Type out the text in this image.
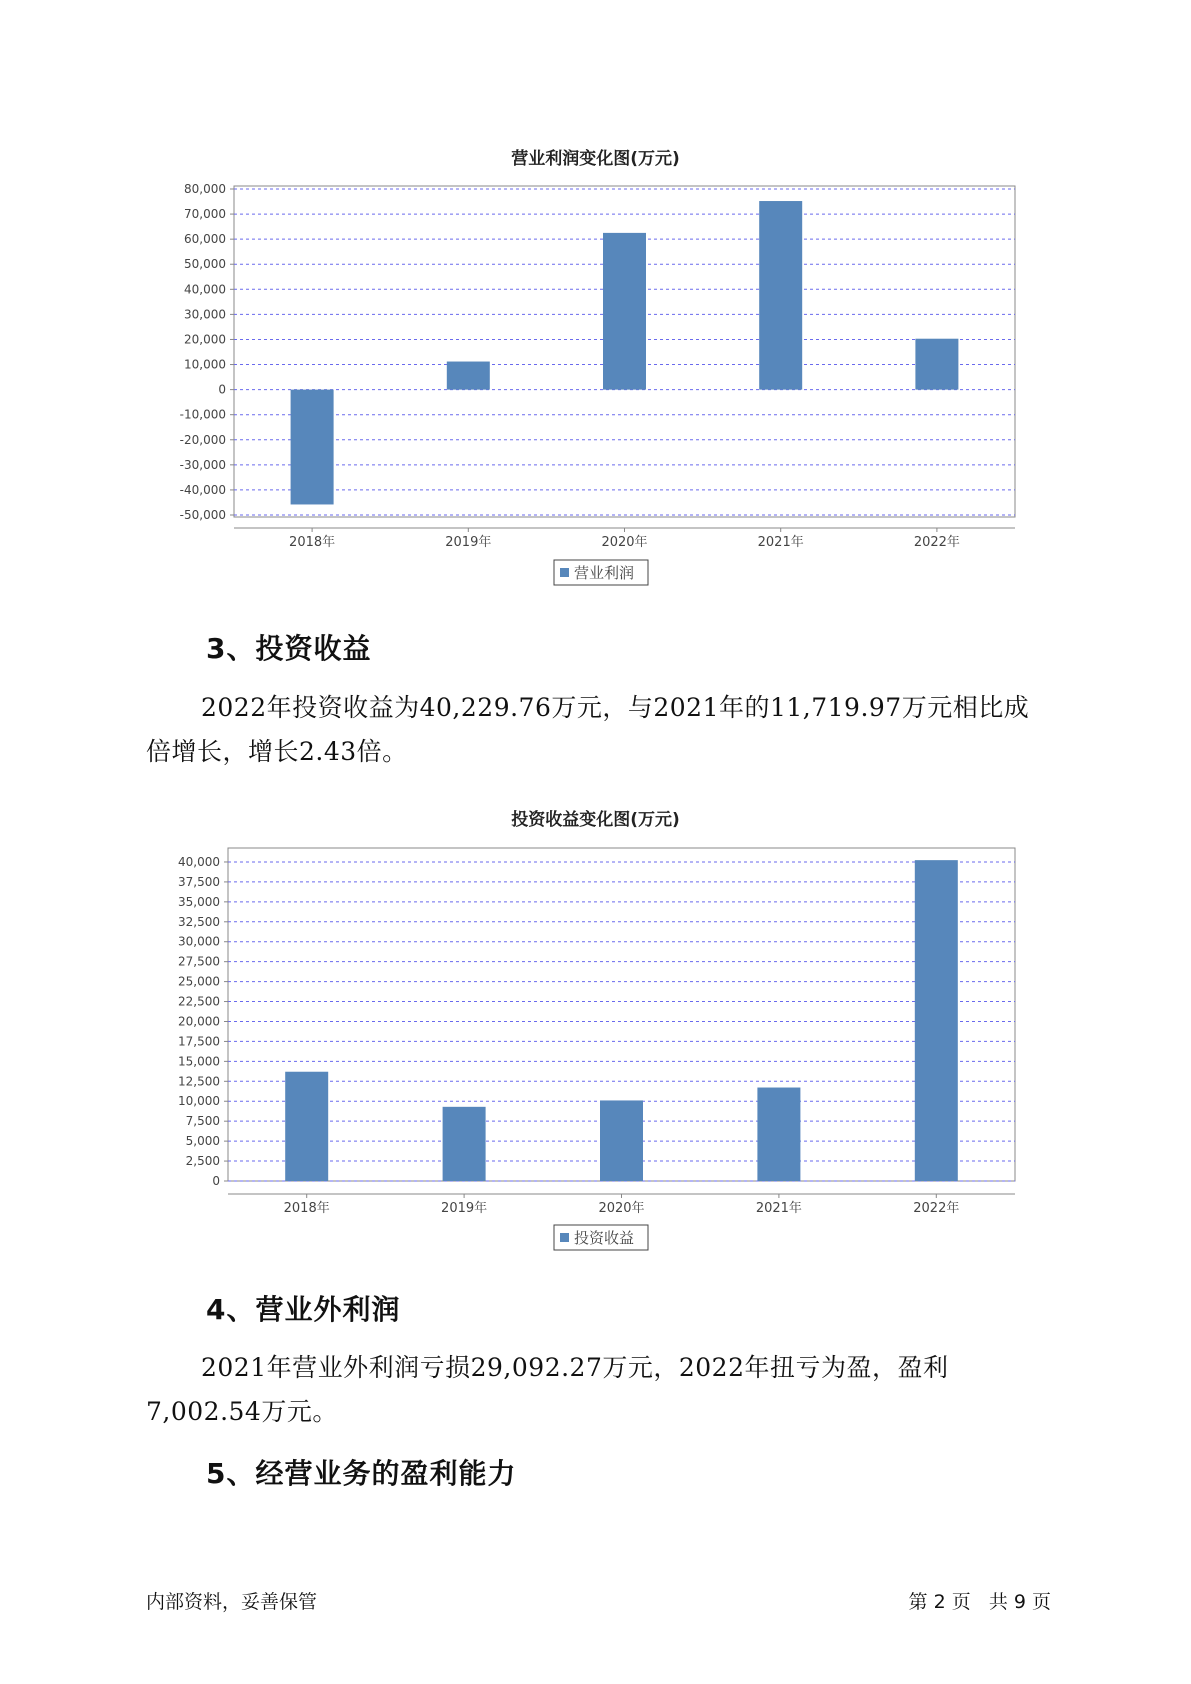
营业利润变化图(万元)
80,000
70,000
60,000
50,000
40,000
30,000
20,000
10,000
0
-10,000
-20,000
-30,000
-40,000
-50,000
2018年	2019年	2020年	2021年	2022年
营业利润
3、投资收益
2022年投资收益为40,229.76万元，与2021年的11,719.97万元相比成
倍增长，增长2.43倍。
投资收益变化图(万元)
40,000
37,500
35,000
32,500
30,000
27,500
25,000
22,500
20,000
17,500
15,000
12,500
10,000
7,500
5,000
2,500
0
2018年	2019年	2020年	2021年	2022年
投资收益
4、营业外利润
2021年营业外利润亏损29,092.27万元，2022年扭亏为盈，盈利
7,002.54万元。
5、经营业务的盈利能力
内部资料，妥善保管	第 2 页   共 9 页
